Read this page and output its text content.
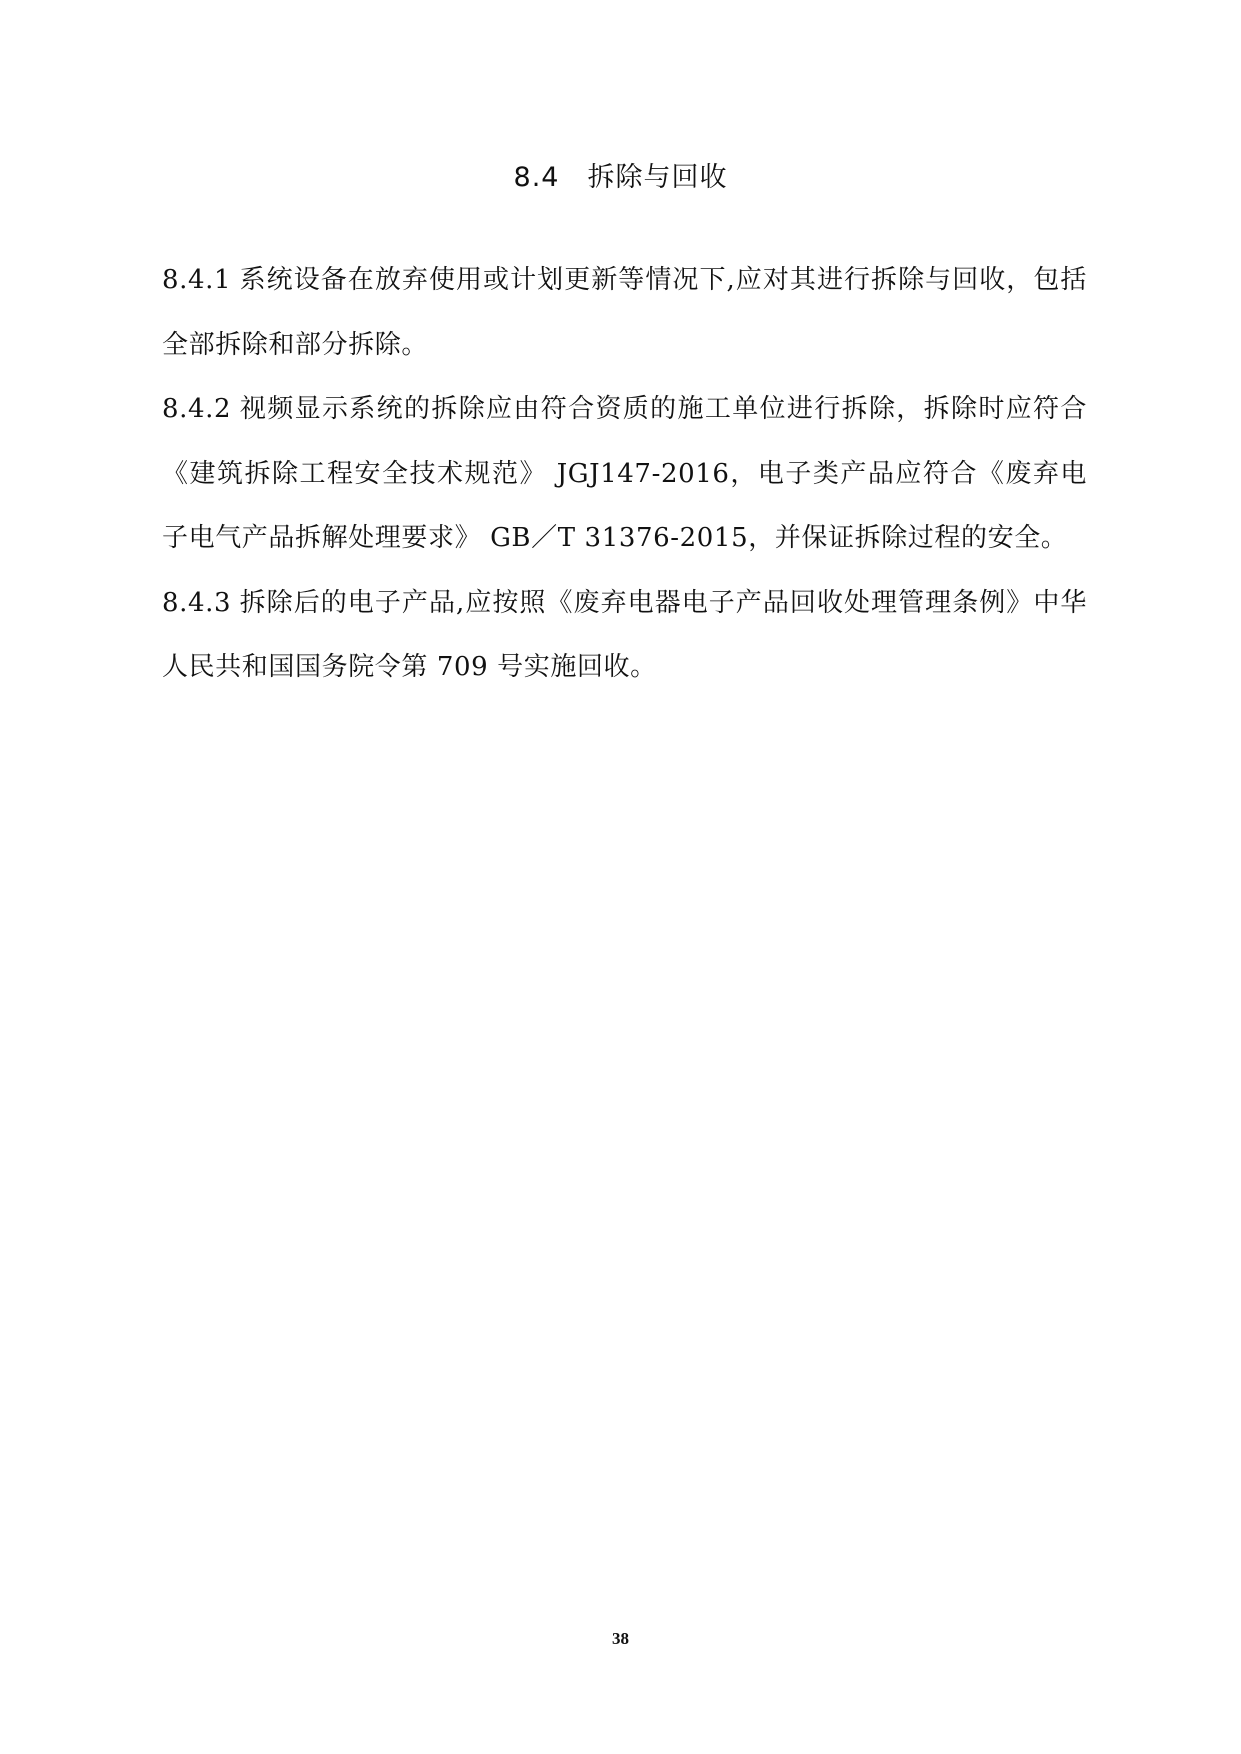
8.4 拆除与回收

8.4.1 系统设备在放弃使用或计划更新等情况下,应对其进行拆除与回收，包括全部拆除和部分拆除。

8.4.2 视频显示系统的拆除应由符合资质的施工单位进行拆除，拆除时应符合《建筑拆除工程安全技术规范》 JGJ147-2016，电子类产品应符合《废弃电子电气产品拆解处理要求》 GB／T 31376-2015，并保证拆除过程的安全。

8.4.3 拆除后的电子产品,应按照《废弃电器电子产品回收处理管理条例》中华人民共和国国务院令第 709 号实施回收。

38
